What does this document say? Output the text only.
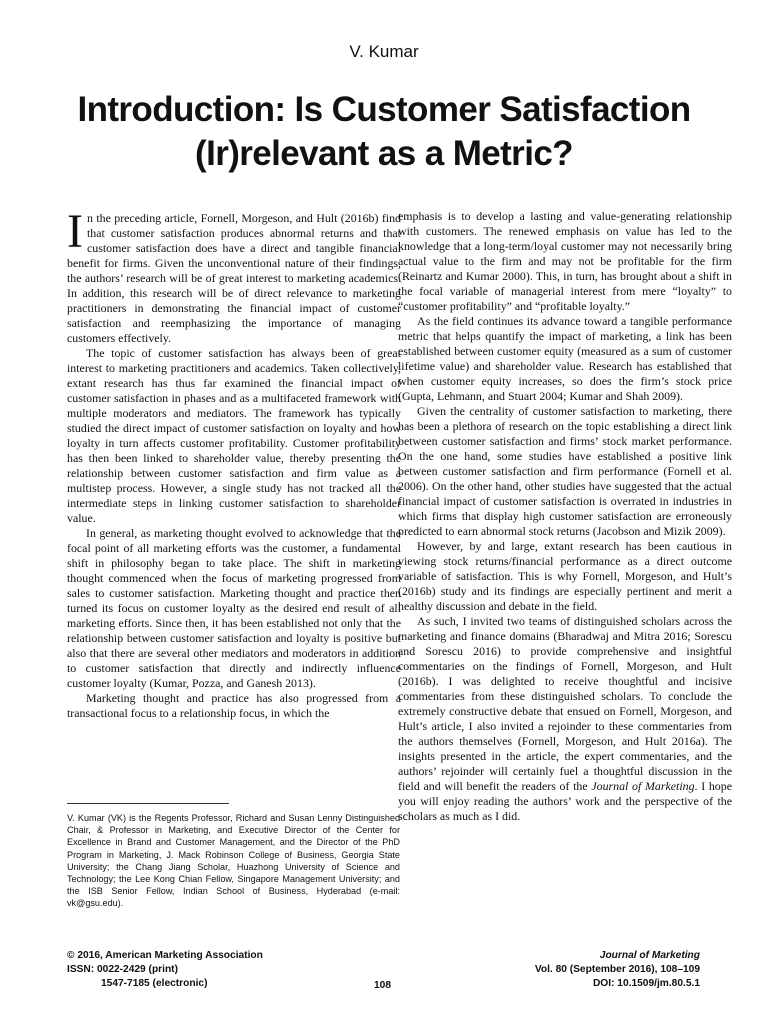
V. Kumar
Introduction: Is Customer Satisfaction
(Ir)relevant as a Metric?

In the preceding article, Fornell, Morgeson, and Hult (2016b) find that customer satisfaction produces abnormal returns and that customer satisfaction does have a direct and tangible financial benefit for firms. Given the unconventional nature of their findings, the authors’ research will be of great interest to marketing academics. In addition, this research will be of direct relevance to marketing practitioners in demonstrating the financial impact of customer satisfaction and reemphasizing the importance of managing customers effectively.

The topic of customer satisfaction has always been of great interest to marketing practitioners and academics. Taken collectively, extant research has thus far examined the financial impact of customer satisfaction in phases and as a multifaceted framework with multiple moderators and mediators. The framework has typically studied the direct impact of customer satisfaction on loyalty and how loyalty in turn affects customer profitability. Customer profitability has then been linked to shareholder value, thereby presenting the relationship between customer satisfaction and firm value as a multistep process. However, a single study has not tracked all the intermediate steps in linking customer satisfaction to shareholder value.

In general, as marketing thought evolved to acknowledge that the focal point of all marketing efforts was the customer, a fundamental shift in philosophy began to take place. The shift in marketing thought commenced when the focus of marketing progressed from sales to customer satisfaction. Marketing thought and practice then turned its focus on customer loyalty as the desired end result of all marketing efforts. Since then, it has been established not only that the relationship between customer satisfaction and loyalty is positive but also that there are several other mediators and moderators in addition to customer satisfaction that directly and indirectly influence customer loyalty (Kumar, Pozza, and Ganesh 2013).

Marketing thought and practice has also progressed from a transactional focus to a relationship focus, in which the

emphasis is to develop a lasting and value-generating relationship with customers. The renewed emphasis on value has led to the knowledge that a long-term/loyal customer may not necessarily bring actual value to the firm and may not be profitable for the firm (Reinartz and Kumar 2000). This, in turn, has brought about a shift in the focal variable of managerial interest from mere “loyalty” to “customer profitability” and “profitable loyalty.”

As the field continues its advance toward a tangible performance metric that helps quantify the impact of marketing, a link has been established between customer equity (measured as a sum of customer lifetime value) and shareholder value. Research has established that when customer equity increases, so does the firm’s stock price (Gupta, Lehmann, and Stuart 2004; Kumar and Shah 2009).

Given the centrality of customer satisfaction to marketing, there has been a plethora of research on the topic establishing a direct link between customer satisfaction and firms’ stock market performance. On the one hand, some studies have established a positive link between customer satisfaction and firm performance (Fornell et al. 2006). On the other hand, other studies have suggested that the actual financial impact of customer satisfaction is overrated in industries in which firms that display high customer satisfaction are erroneously predicted to earn abnormal stock returns (Jacobson and Mizik 2009).

However, by and large, extant research has been cautious in viewing stock returns/financial performance as a direct outcome variable of satisfaction. This is why Fornell, Morgeson, and Hult’s (2016b) study and its findings are especially pertinent and merit a healthy discussion and debate in the field.

As such, I invited two teams of distinguished scholars across the marketing and finance domains (Bharadwaj and Mitra 2016; Sorescu and Sorescu 2016) to provide comprehensive and insightful commentaries on the findings of Fornell, Morgeson, and Hult (2016b). I was delighted to receive thoughtful and incisive commentaries from these distinguished scholars. To conclude the extremely constructive debate that ensued on Fornell, Morgeson, and Hult’s article, I also invited a rejoinder to these commentaries from the authors themselves (Fornell, Morgeson, and Hult 2016a). The insights presented in the article, the expert commentaries, and the authors’ rejoinder will certainly fuel a thoughtful discussion in the field and will benefit the readers of the Journal of Marketing. I hope you will enjoy reading the authors’ work and the perspective of the scholars as much as I did.

V. Kumar (VK) is the Regents Professor, Richard and Susan Lenny Distinguished Chair, & Professor in Marketing, and Executive Director of the Center for Excellence in Brand and Customer Management, and the Director of the PhD Program in Marketing, J. Mack Robinson College of Business, Georgia State University; the Chang Jiang Scholar, Huazhong University of Science and Technology; the Lee Kong Chian Fellow, Singapore Management University; and the ISB Senior Fellow, Indian School of Business, Hyderabad (e-mail: vk@gsu.edu).
© 2016, American Marketing Association
ISSN: 0022-2429 (print)
1547-7185 (electronic)	108
Journal of Marketing
Vol. 80 (September 2016), 108–109
DOI: 10.1509/jm.80.5.1
